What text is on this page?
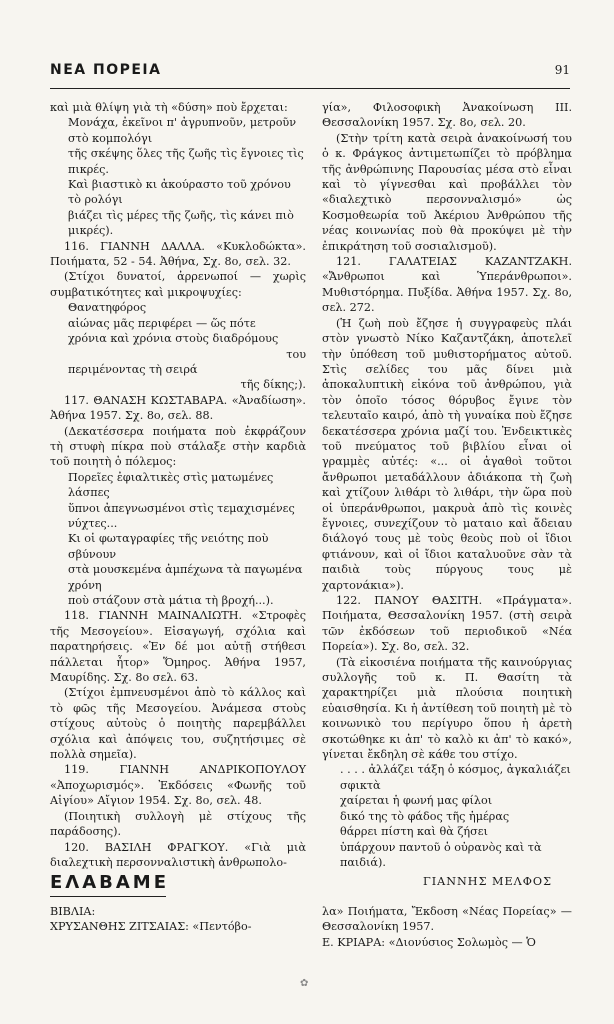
ΝΕΑ ΠΟΡΕΙΑ	91

καὶ μιὰ θλίψη γιὰ τὴ «δύση» ποὺ ἔρχεται:

Μονάχα, ἐκεῖνοι π' ἀγρυπνοῦν, μετροῦν στὸ κομπολόγι

τῆς σκέψης ὅλες τῆς ζωῆς τὶς ἔγνοιες τὶς πικρές.

Καὶ βιαστικὸ κι ἀκούραστο τοῦ χρόνου τὸ ρολόγι

βιάζει τὶς μέρες τῆς ζωῆς, τὶς κάνει πιὸ μικρές).

116. ΓΙΑΝΝΗ ΔΑΛΛΑ. «Κυκλοδώκτα». Ποιήματα, 52 - 54. Ἀθήνα, Σχ. 8ο, σελ. 32.

(Στίχοι δυνατοί, ἀρρενωποί — χωρὶς συμβατικότητες καὶ μικροψυχίες:

Θανατηφόρος

αἰώνας μᾶς περιφέρει — ὥς πότε

χρόνια καὶ χρόνια στοὺς διαδρόμους

του

περιμένοντας τὴ σειρά

τῆς δίκης;).

117. ΘΑΝΑΣΗ ΚΩΣΤΑΒΑΡΑ. «Ἀναδίωση». Ἀθήνα 1957. Σχ. 8ο, σελ. 88.

(Δεκατέσσερα ποιήματα ποὺ ἐκφράζουν τὴ στυφὴ πίκρα ποὺ στάλαξε στὴν καρδιὰ τοῦ ποιητὴ ὁ πόλεμος:

Πορεῖες ἐφιαλτικὲς στὶς ματωμένες λάσπες

ὕπνοι ἀπεγνωσμένοι στὶς τεμαχισμένες νύχτες...

Κι οἱ φωταγραφίες τῆς νειότης ποὺ σβύνουν

στὰ μουσκεμένα ἀμπέχωνα τὰ παγωμένα χρόνη

ποὺ στάζουν στὰ μάτια τὴ βροχή...).

118. ΓΙΑΝΝΗ ΜΑΙΝΑΛΙΩΤΗ. «Στροφὲς τῆς Μεσογείου». Εἰσαγωγή, σχόλια καὶ παρατηρήσεις. «Ἐν δέ μοι αὐτῇ στήθεσι πάλλεται ἦτορ» Ὅμηρος. Ἀθήνα 1957, Μαυρίδης. Σχ. 8ο σελ. 63.

(Στίχοι ἐμπνευσμένοι ἀπὸ τὸ κάλλος καὶ τὸ φῶς τῆς Μεσογείου. Ἀνάμεσα στοὺς στίχους αὐτοὺς ὁ ποιητὴς παρεμβάλλει σχόλια καὶ ἀπόψεις του, συζητήσιμες σὲ πολλὰ σημεῖα).

119. ΓΙΑΝΝΗ ΑΝΔΡΙΚΟΠΟΥΛΟΥ «Ἀποχωρισμός». Ἐκδόσεις «Φωνῆς τοῦ Αἰγίου» Αἴγιον 1954. Σχ. 8ο, σελ. 48.

(Ποιητικὴ συλλογὴ μὲ στίχους τῆς παράδοσης).

120. ΒΑΣΙΛΗ ΦΡΑΓΚΟΥ. «Γιὰ μιὰ διαλεχτικὴ περσονναλιστικὴ ἀνθρωπολο-

γία», Φιλοσοφικὴ Ἀνακοίνωση ΙΙΙ. Θεσσαλονίκη 1957. Σχ. 8ο, σελ. 20.

(Στὴν τρίτη κατὰ σειρὰ ἀνακοίνωσή του ὁ κ. Φράγκος ἀντιμετωπίζει τὸ πρόβλημα τῆς ἀνθρώπινης Παρουσίας μέσα στὸ εἶναι καὶ τὸ γίγνεσθαι καὶ προβάλλει τὸν «διαλεχτικὸ περσονναλισμό» ὡς Κοσμοθεωρία τοῦ Ἀκέριου Ἀνθρώπου τῆς νέας κοινωνίας ποὺ θὰ προκύψει μὲ τὴν ἐπικράτηση τοῦ σοσιαλισμοῦ).

121. ΓΑΛΑΤΕΙΑΣ ΚΑΖΑΝΤΖΑΚΗ. «Ἄνθρωποι καὶ Ὑπεράνθρωποι». Μυθιστόρημα. Πυξίδα. Ἀθήνα 1957. Σχ. 8ο, σελ. 272.

(Ἡ ζωὴ ποὺ ἔζησε ἡ συγγραφεὺς πλάι στὸν γνωστὸ Νίκο Καζαντζάκη, ἀποτελεῖ τὴν ὑπόθεση τοῦ μυθιστορήματος αὐτοῦ. Στὶς σελίδες του μᾶς δίνει μιὰ ἀποκαλυπτικὴ εἰκόνα τοῦ ἀνθρώπου, γιὰ τὸν ὁποῖο τόσος θόρυβος ἔγινε τὸν τελευταῖο καιρό, ἀπὸ τὴ γυναίκα ποὺ ἔζησε δεκατέσσερα χρόνια μαζί του. Ἐνδεικτικὲς τοῦ πνεύματος τοῦ βιβλίου εἶναι οἱ γραμμὲς αὐτές: «... οἱ ἀγαθοὶ τοῦτοι ἄνθρωποι μεταδάλλουν ἀδιάκοπα τὴ ζωὴ καὶ χτίζουν λιθάρι τὸ λιθάρι, τὴν ὥρα ποὺ οἱ ὑπεράνθρωποι, μακρυὰ ἀπὸ τὶς κοινὲς ἔγνοιες, συνεχίζουν τὸ ματαιο καὶ ἄδειαυ διάλογό τους μὲ τοὺς θεοὺς ποὺ οἱ ἴδιοι φτιάνουν, καὶ οἱ ἴδιοι καταλυοῦνε σὰν τὰ παιδιὰ τοὺς πύργους τους μὲ χαρτονάκια»).

122. ΠΑΝΟΥ ΘΑΣΙΤΗ. «Πράγματα». Ποιήματα, Θεσσαλονίκη 1957. (στὴ σειρὰ τῶν ἐκδόσεων τοῦ περιοδικοῦ «Νέα Πορεία»). Σχ. 8ο, σελ. 32.

(Τὰ εἰκοσιένα ποιήματα τῆς καινούργιας συλλογῆς τοῦ κ. Π. Θασίτη τὰ χαρακτηρίζει μιὰ πλούσια ποιητικὴ εὐαισθησία. Κι ἡ ἀντίθεση τοῦ ποιητὴ μὲ τὸ κοινωνικὸ του περίγυρο ὅπου ἡ ἀρετὴ σκοτώθηκε κι ἀπ' τὸ καλὸ κι ἀπ' τὸ κακό», γίνεται ἔκδηλη σὲ κάθε του στίχο.

. . . . ἀλλάζει τάξη ὁ κόσμος, ἀγκαλιάζει σφικτὰ

χαίρεται ἡ φωνή μας φίλοι

δικό της τὸ φάδος τῆς ἡμέρας

θάρρει πίστη καὶ θὰ ζήσει

ὑπάρχουν παντοῦ ὁ οὐρανὸς καὶ τὰ παιδιά).

ΓΙΑΝΝΗΣ ΜΕΛΦΟΣ

ΕΛΑΒΑΜΕ

ΒΙΒΛΙΑ:

ΧΡΥΣΑΝΘΗΣ ΖΙΤΣΑΙΑΣ: «Πεντόβο-

λα» Ποιήματα, Ἔκδοση «Νέας Πορείας» — Θεσσαλονίκη 1957.

Ε. ΚΡΙΑΡΑ: «Διονύσιος Σολωμὸς — Ὁ

✿
